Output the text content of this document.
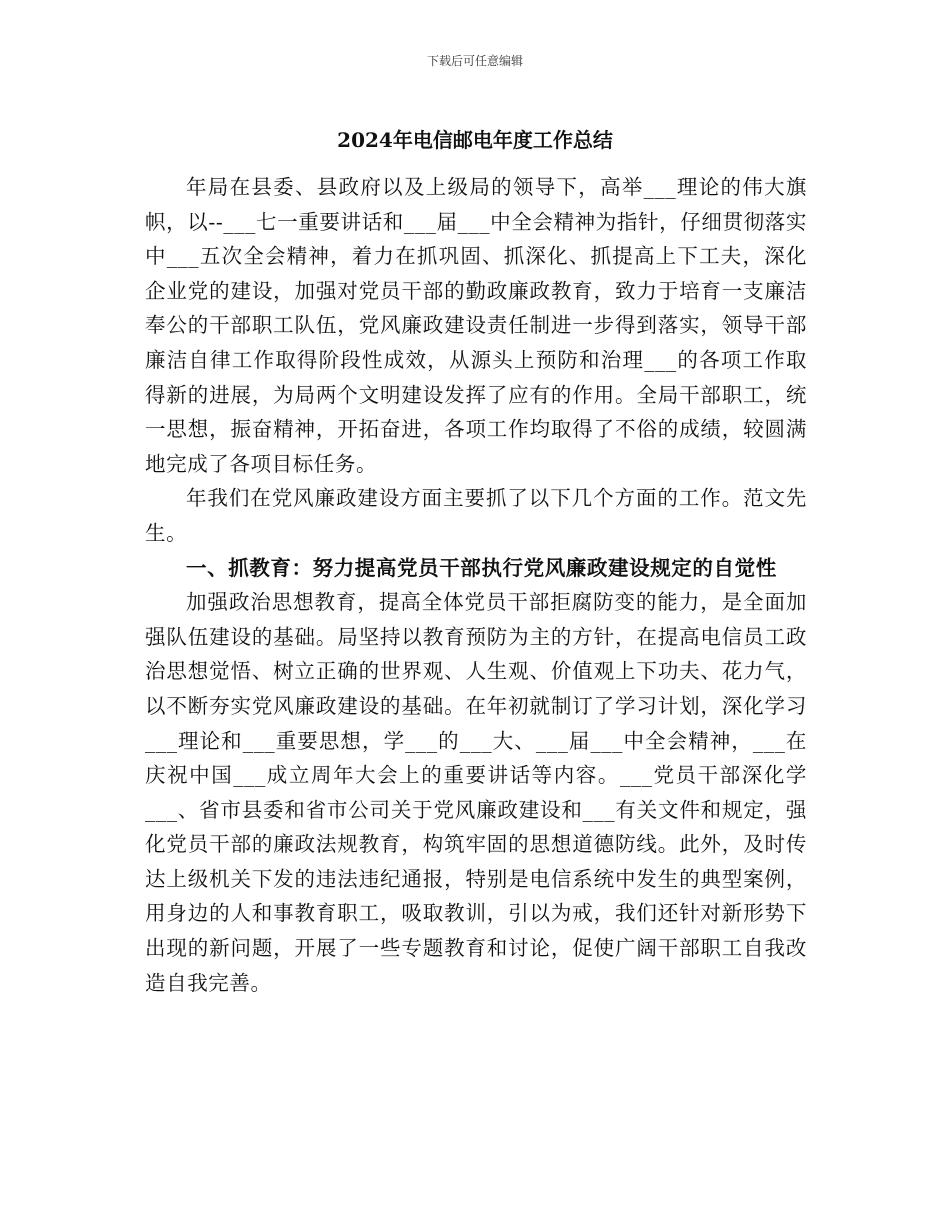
下载后可任意编辑
2024年电信邮电年度工作总结

年局在县委、县政府以及上级局的领导下，高举___理论的伟大旗帜，以--___七一重要讲话和___届___中全会精神为指针，仔细贯彻落实中___五次全会精神，着力在抓巩固、抓深化、抓提高上下工夫，深化企业党的建设，加强对党员干部的勤政廉政教育，致力于培育一支廉洁奉公的干部职工队伍，党风廉政建设责任制进一步得到落实，领导干部廉洁自律工作取得阶段性成效，从源头上预防和治理___的各项工作取得新的进展，为局两个文明建设发挥了应有的作用。全局干部职工，统一思想，振奋精神，开拓奋进，各项工作均取得了不俗的成绩，较圆满地完成了各项目标任务。

年我们在党风廉政建设方面主要抓了以下几个方面的工作。范文先生。

一、抓教育：努力提高党员干部执行党风廉政建设规定的自觉性

加强政治思想教育，提高全体党员干部拒腐防变的能力，是全面加强队伍建设的基础。局坚持以教育预防为主的方针，在提高电信员工政治思想觉悟、树立正确的世界观、人生观、价值观上下功夫、花力气，以不断夯实党风廉政建设的基础。在年初就制订了学习计划，深化学习___理论和___重要思想，学___的___大、___届___中全会精神，___在庆祝中国___成立周年大会上的重要讲话等内容。___党员干部深化学___、省市县委和省市公司关于党风廉政建设和___有关文件和规定，强化党员干部的廉政法规教育，构筑牢固的思想道德防线。此外，及时传达上级机关下发的违法违纪通报，特别是电信系统中发生的典型案例，用身边的人和事教育职工，吸取教训，引以为戒，我们还针对新形势下出现的新问题，开展了一些专题教育和讨论，促使广阔干部职工自我改造自我完善。
